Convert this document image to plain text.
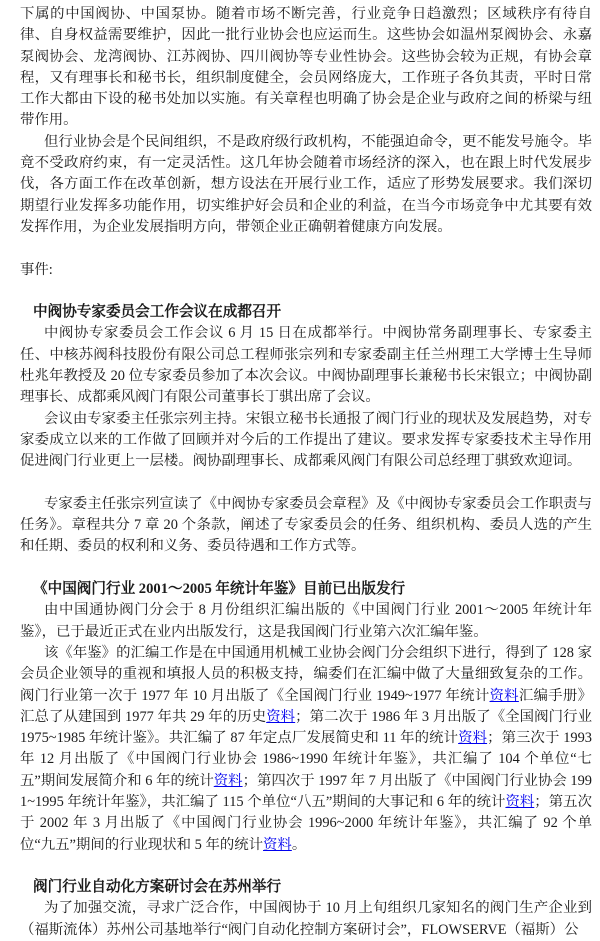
下属的中国阀协、中国泵协。随着市场不断完善，行业竞争日趋激烈；区域秩序有待自律、自身权益需要维护，因此一批行业协会也应运而生。这些协会如温州泵阀协会、永嘉泵阀协会、龙湾阀协、江苏阀协、四川阀协等专业性协会。这些协会较为正规，有协会章程，又有理事长和秘书长，组织制度健全，会员网络庞大，工作班子各负其责，平时日常工作大都由下设的秘书处加以实施。有关章程也明确了协会是企业与政府之间的桥梁与纽带作用。

但行业协会是个民间组织，不是政府级行政机构，不能强迫命令，更不能发号施令。毕竟不受政府约束，有一定灵活性。这几年协会随着市场经济的深入，也在跟上时代发展步伐，各方面工作在改革创新，想方设法在开展行业工作，适应了形势发展要求。我们深切期望行业发挥多功能作用，切实维护好会员和企业的利益，在当今市场竞争中尤其要有效发挥作用，为企业发展指明方向，带领企业正确朝着健康方向发展。

事件:

中阀协专家委员会工作会议在成都召开

中阀协专家委员会工作会议 6 月 15 日在成都举行。中阀协常务副理事长、专家委主任、中核苏阀科技股份有限公司总工程师张宗列和专家委副主任兰州理工大学博士生导师杜兆年教授及 20 位专家委员参加了本次会议。中阀协副理事长兼秘书长宋银立；中阀协副理事长、成都乘风阀门有限公司董事长丁骐出席了会议。

会议由专家委主任张宗列主持。宋银立秘书长通报了阀门行业的现状及发展趋势，对专家委成立以来的工作做了回顾并对今后的工作提出了建议。要求发挥专家委技术主导作用 促进阀门行业更上一层楼。阀协副理事长、成都乘风阀门有限公司总经理丁骐致欢迎词。

专家委主任张宗列宣读了《中阀协专家委员会章程》及《中阀协专家委员会工作职责与任务》。章程共分 7 章 20 个条款，阐述了专家委员会的任务、组织机构、委员人选的产生和任期、委员的权利和义务、委员待遇和工作方式等。

《中国阀门行业 2001～2005 年统计年鉴》目前已出版发行

由中国通协阀门分会于 8 月份组织汇编出版的《中国阀门行业 2001～2005 年统计年鉴》，已于最近正式在业内出版发行，这是我国阀门行业第六次汇编年鉴。

该《年鉴》的汇编工作是在中国通用机械工业协会阀门分会组织下进行，得到了 128 家会员企业领导的重视和填报人员的积极支持，编委们在汇编中做了大量细致复杂的工作。阀门行业第一次于 1977 年 10 月出版了《全国阀门行业 1949~1977 年统计资料汇编手册》汇总了从建国到 1977 年共 29 年的历史资料；第二次于 1986 年 3 月出版了《全国阀门行业 1975~1985 年统计鉴》。共汇编了 87 年定点厂发展简史和 11 年的统计资料；第三次于 1993 年 12 月出版了《中国阀门行业协会 1986~1990 年统计年鉴》，共汇编了 104 个单位“七五”期间发展简介和 6 年的统计资料；第四次于 1997 年 7 月出版了《中国阀门行业协会 1991~1995 年统计年鉴》，共汇编了 115 个单位“八五”期间的大事记和 6 年的统计资料；第五次于 2002 年 3 月出版了《中国阀门行业协会 1996~2000 年统计年鉴》，共汇编了 92 个单位“九五”期间的行业现状和 5 年的统计资料。

阀门行业自动化方案研讨会在苏州举行

为了加强交流，寻求广泛合作，中国阀协于 10 月上旬组织几家知名的阀门生产企业到（福斯流体）苏州公司基地举行“阀门自动化控制方案研讨会”，FLOWSERVE（福斯）公
